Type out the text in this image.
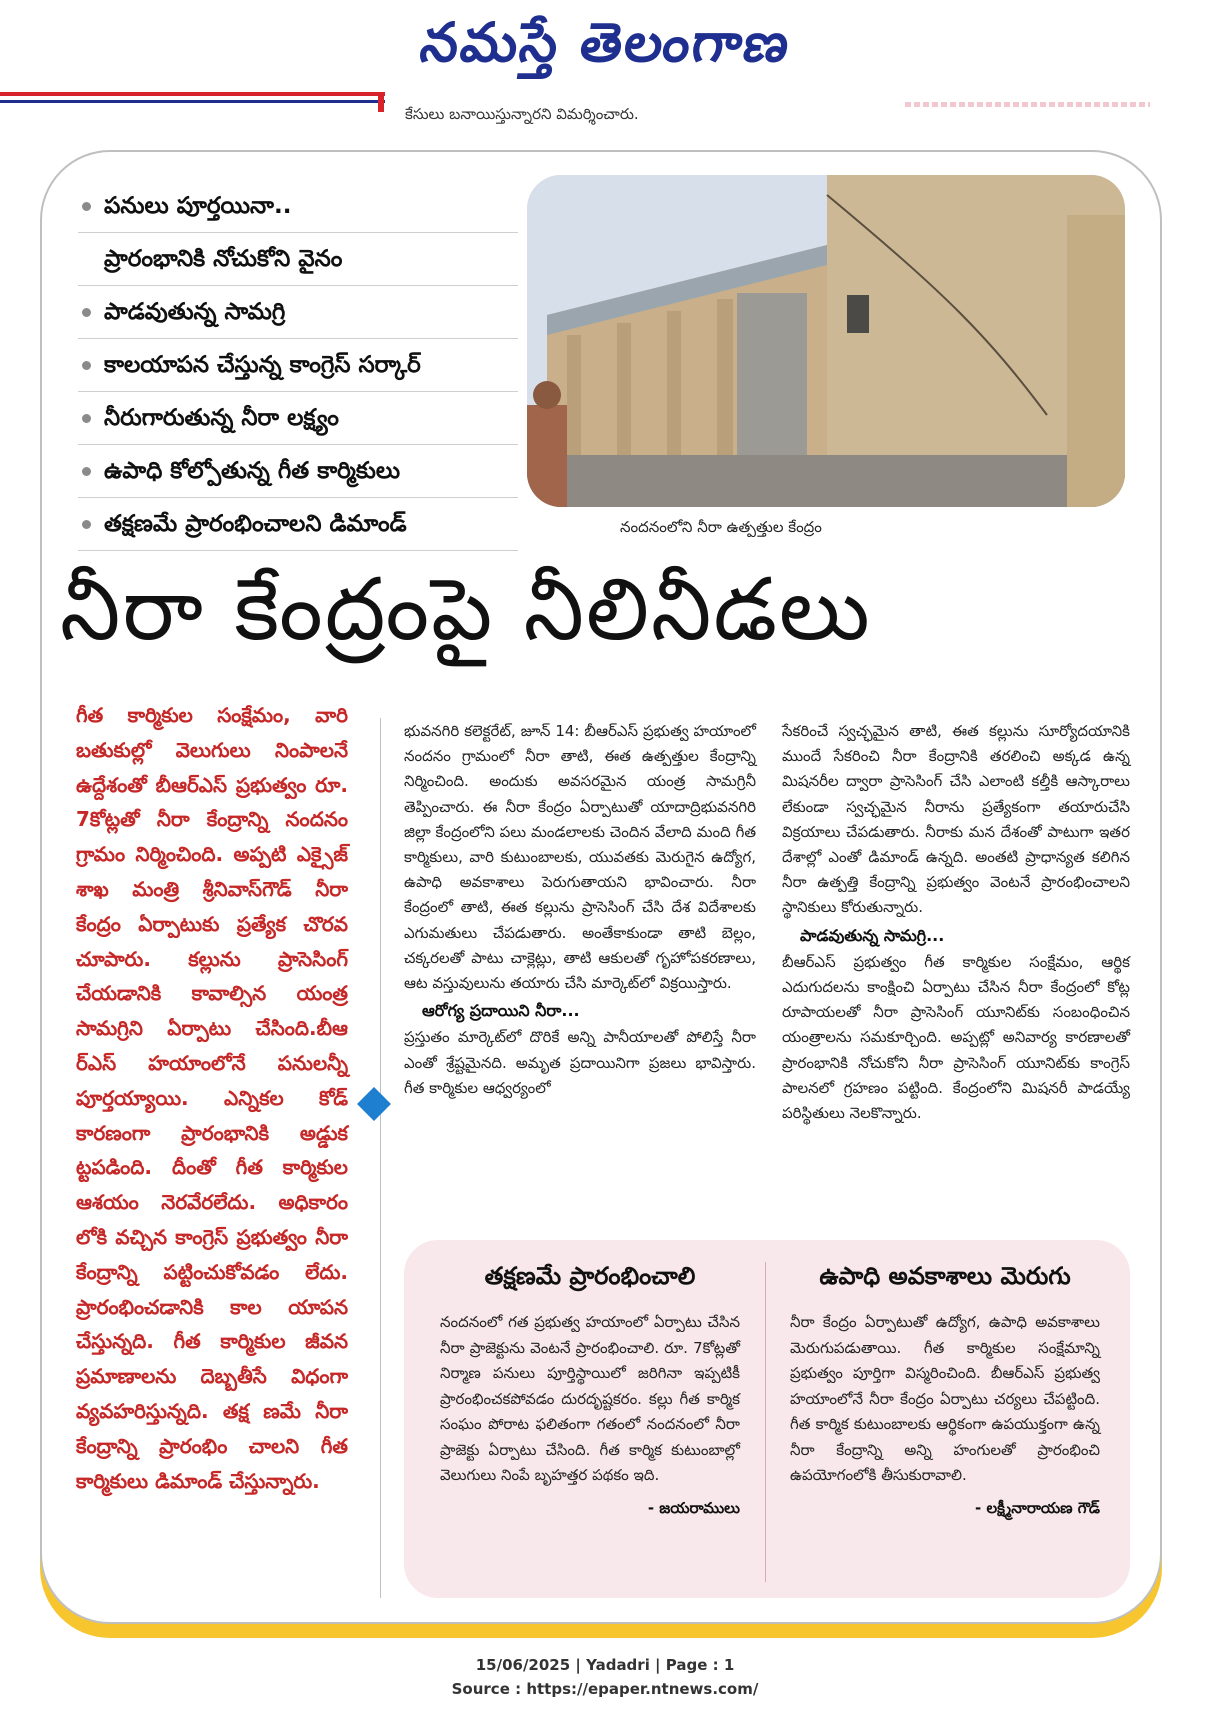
నమస్తే తెలంగాణ
కేసులు బనాయిస్తున్నారని విమర్శించారు.
పనులు పూర్తయినా..
ప్రారంభానికి నోచుకోని వైనం
పాడవుతున్న సామగ్రి
కాలయాపన చేస్తున్న కాంగ్రెస్ సర్కార్
నీరుగారుతున్న నీరా లక్ష్యం
ఉపాధి కోల్పోతున్న గీత కార్మికులు
తక్షణమే ప్రారంభించాలని డిమాండ్	నందనంలోని నీరా ఉత్పత్తుల కేంద్రం
నీరా కేంద్రంపై నీలినీడలు

గీత కార్మికుల సంక్షేమం, వారి బతుకుల్లో వెలుగులు నింపాలనే ఉద్దేశంతో బీఆర్ఎస్ ప్రభుత్వం రూ. 7కోట్లతో నీరా కేంద్రాన్ని నందనం గ్రామం నిర్మించింది. అప్పటి ఎక్సైజ్ శాఖ మంత్రి శ్రీనివాస్‌గౌడ్ నీరా కేంద్రం ఏర్పాటుకు ప్రత్యేక చొరవ చూపారు. కల్లును ప్రాసెసింగ్ చేయడానికి కావాల్సిన యంత్ర సామగ్రిని ఏర్పాటు చేసింది.బీఆ ర్ఎస్ హయాంలోనే పనులన్నీ పూర్తయ్యాయి. ఎన్నికల కోడ్ కారణంగా ప్రారంభానికి అడ్డుక ట్టపడింది. దీంతో గీత కార్మికుల ఆశయం నెరవేరలేదు. అధికారం లోకి వచ్చిన కాంగ్రెస్ ప్రభుత్వం నీరా కేంద్రాన్ని పట్టించుకోవడం లేదు. ప్రారంభించడానికి కాల యాపన చేస్తున్నది. గీత కార్మికుల జీవన ప్రమాణాలను దెబ్బతీసే విధంగా వ్యవహరిస్తున్నది. తక్ష ణమే నీరా కేంద్రాన్ని ప్రారంభిం చాలని గీత కార్మికులు డిమాండ్ చేస్తున్నారు.

భువనగిరి కలెక్టరేట్, జూన్ 14: బీఆర్ఎస్ ప్రభుత్వ హయాంలో నందనం గ్రామంలో నీరా తాటి, ఈత ఉత్పత్తుల కేంద్రాన్ని నిర్మించింది. అందుకు అవసరమైన యంత్ర సామగ్రినీ తెప్పించారు. ఈ నీరా కేంద్రం ఏర్పాటుతో యాదాద్రిభువనగిరి జిల్లా కేంద్రంలోని పలు మండలాలకు చెందిన వేలాది మంది గీత కార్మికులు, వారి కుటుంబాలకు, యువతకు మెరుగైన ఉద్యోగ, ఉపాధి అవకాశాలు పెరుగుతాయని భావించారు. నీరా కేంద్రంలో తాటి, ఈత కల్లును ప్రాసెసింగ్ చేసి దేశ విదేశాలకు ఎగుమతులు చేపడుతారు. అంతేకాకుండా తాటి బెల్లం, చక్కరలతో పాటు చాక్లెట్లు, తాటి ఆకులతో గృహోపకరణాలు, ఆట వస్తువులును తయారు చేసి మార్కెట్‌లో విక్రయిస్తారు.

ఆరోగ్య ప్రదాయిని నీరా...

ప్రస్తుతం మార్కెట్‌లో దొరికే అన్ని పానీయాలతో పోలిస్తే నీరా ఎంతో శ్రేష్టమైనది. అమృత ప్రదాయినిగా ప్రజలు భావిస్తారు. గీత కార్మికుల ఆధ్వర్యంలో

సేకరించే స్వచ్ఛమైన తాటి, ఈత కల్లును సూర్యోదయానికి ముందే సేకరించి నీరా కేంద్రానికి తరలించి అక్కడ ఉన్న మిషనరీల ద్వారా ప్రాసెసింగ్ చేసి ఎలాంటి కల్తీకి ఆస్కారాలు లేకుండా స్వచ్ఛమైన నీరాను ప్రత్యేకంగా తయారుచేసి విక్రయాలు చేపడుతారు. నీరాకు మన దేశంతో పాటుగా ఇతర దేశాల్లో ఎంతో డిమాండ్ ఉన్నది. అంతటి ప్రాధాన్యత కలిగిన నీరా ఉత్పత్తి కేంద్రాన్ని ప్రభుత్వం వెంటనే ప్రారంభించాలని స్థానికులు కోరుతున్నారు.

పాడవుతున్న సామగ్రి...

బీఆర్ఎస్ ప్రభుత్వం గీత కార్మికుల సంక్షేమం, ఆర్థిక ఎదుగుదలను కాంక్షించి ఏర్పాటు చేసిన నీరా కేంద్రంలో కోట్ల రూపాయలతో నీరా ప్రాసెసింగ్ యూనిట్‌కు సంబంధించిన యంత్రాలను సమకూర్చింది. అప్పట్లో అనివార్య కారణాలతో ప్రారంభానికి నోచుకోని నీరా ప్రాసెసింగ్ యూనిట్‌కు కాంగ్రెస్ పాలనలో గ్రహణం పట్టింది. కేంద్రంలోని మిషనరీ పాడయ్యే పరిస్థితులు నెలకొన్నారు.

తక్షణమే ప్రారంభించాలి

నందనంలో గత ప్రభుత్వ హయాంలో ఏర్పాటు చేసిన నీరా ప్రాజెక్టును వెంటనే ప్రారంభించాలి. రూ. 7కోట్లతో నిర్మాణ పనులు పూర్తిస్థాయిలో జరిగినా ఇప్పటికీ ప్రారంభించకపోవడం దురదృష్టకరం. కల్లు గీత కార్మిక సంఘం పోరాట ఫలితంగా గతంలో నందనంలో నీరా ప్రాజెక్టు ఏర్పాటు చేసింది. గీత కార్మిక కుటుంబాల్లో వెలుగులు నింపే బృహత్తర పథకం ఇది.

- జయరాములు
ఉపాధి అవకాశాలు మెరుగు

నీరా కేంద్రం ఏర్పాటుతో ఉద్యోగ, ఉపాధి అవకాశాలు మెరుగుపడుతాయి. గీత కార్మికుల సంక్షేమాన్ని ప్రభుత్వం పూర్తిగా విస్మరించింది. బీఆర్ఎస్ ప్రభుత్వ హయాంలోనే నీరా కేంద్రం ఏర్పాటు చర్యలు చేపట్టింది. గీత కార్మిక కుటుంబాలకు ఆర్థికంగా ఉపయుక్తంగా ఉన్న నీరా కేంద్రాన్ని అన్ని హంగులతో ప్రారంభించి ఉపయోగంలోకి తీసుకురావాలి.

- లక్ష్మీనారాయణ గౌడ్
15/06/2025 | Yadadri | Page : 1
Source : https://epaper.ntnews.com/
